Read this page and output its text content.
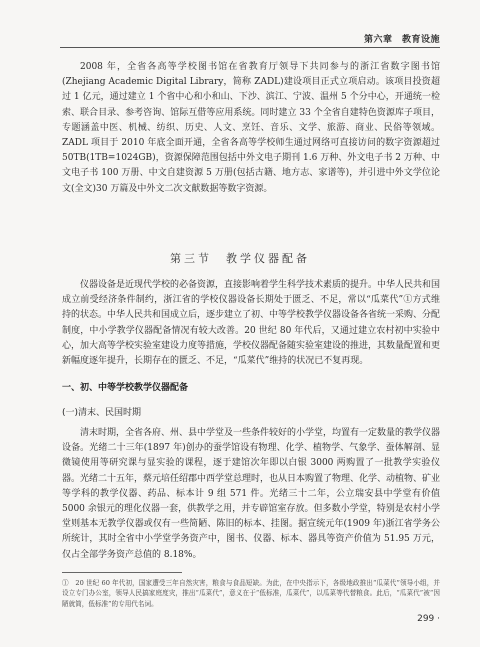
第六章　教育设施

2008 年，全省各高等学校图书馆在省教育厅领导下共同参与的浙江省数字图书馆(Zhejiang Academic Digital Library，简称 ZADL)建设项目正式立项启动。该项目投资超过 1 亿元，通过建立 1 个省中心和小和山、下沙、滨江、宁波、温州 5 个分中心，开通统一检索、联合目录、参考咨询、馆际互借等应用系统。同时建立 33 个全省自建特色资源库子项目，专题涵盖中医、机械、纺织、历史、人文、烹饪、音乐、文学、旅游、商业、民俗等领域。ZADL 项目于 2010 年底全面开通，全省各高等学校师生通过网络可直接访问的数字资源超过 50TB(1TB=1024GB)，资源保障范围包括中外文电子期刊 1.6 万种、外文电子书 2 万种、中文电子书 100 万册、中文自建资源 5 万册(包括古籍、地方志、家谱等)，并引进中外文学位论文(全文)30 万篇及中外文二次文献数据等数字资源。

第三节　教学仪器配备

仪器设备是近现代学校的必备资源，直接影响着学生科学技术素质的提升。中华人民共和国成立前受经济条件制约，浙江省的学校仪器设备长期处于匮乏、不足，常以“瓜菜代”①方式维持的状态。中华人民共和国成立后，逐步建立了初、中等学校教学仪器设备各省统一采购、分配制度，中小学教学仪器配备情况有较大改善。20 世纪 80 年代后，又通过建立农村初中实验中心，加大高等学校实验室建设力度等措施，学校仪器配备随实验室建设的推进，其数量配置和更新幅度逐年提升，长期存在的匮乏、不足，“瓜菜代”维持的状况已不复再现。

一、初、中等学校教学仪器配备
(一)清末、民国时期

清末时期，全省各府、州、县中学堂及一些条件较好的小学堂，均置有一定数量的教学仪器设备。光绪二十三年(1897 年)创办的蚕学馆设有物理、化学、植物学、气象学、蚕体解剖、显微镜使用等研究课与显实验的课程，逐于建馆次年即以白银 3000 两购置了一批教学实验仪器。光绪二十五年，蔡元培任绍郡中西学堂总理时，也从日本购置了物理、化学、动植物、矿业等学科的教学仪器、药品、标本计 9 组 571 件。光绪三十二年，公立瑞安县中学堂有价值 5000 余银元的理化仪器一套，供教学之用，并专辟馆室存放。但多数小学堂，特别是农村小学堂则基本无教学仪器或仅有一些简陋、陈旧的标本、挂图。据宣统元年(1909 年)浙江省学务公所统计，其时全省中小学堂学务资产中，图书、仪器、标本、器具等资产价值为 51.95 万元，仅占全部学务资产总值的 8.18%。

①　20 世纪 60 年代初，国家遭受三年自然灾害，粮食与食品短缺。为此，在中央指示下，各级地政推出“瓜菜代”领导小组，并设立专门办公室，领导人民搞家庭度灾，推出“瓜菜代”，意义在于“低标准，瓜菜代”，以瓜菜等代替粮食。此后，“瓜菜代”被“因陋就简，低标准”的专用代名词。
299 ·
